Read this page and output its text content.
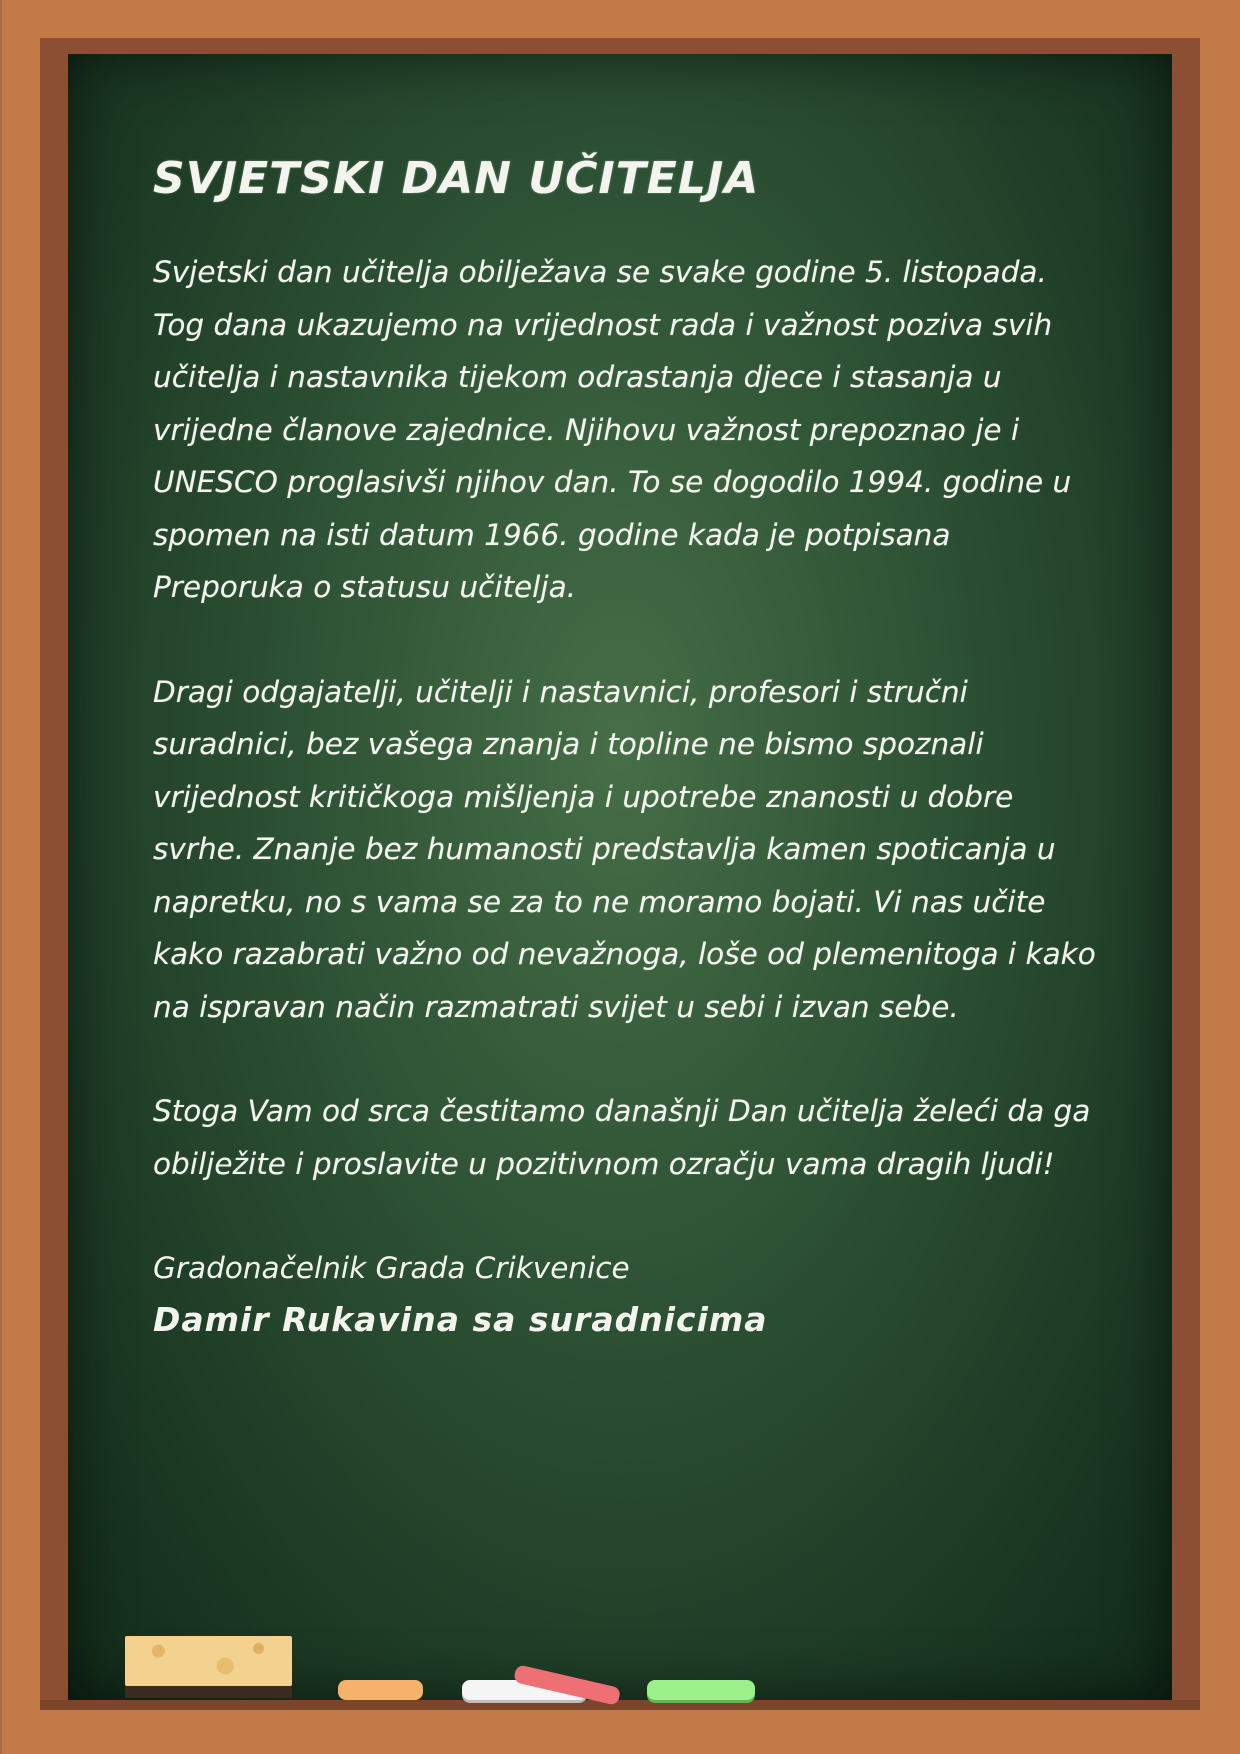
SVJETSKI DAN UČITELJA

Svjetski dan učitelja obilježava se svake godine 5. listopada. Tog dana ukazujemo na vrijednost rada i važnost poziva svih učitelja i nastavnika tijekom odrastanja djece i stasanja u vrijedne članove zajednice. Njihovu važnost prepoznao je i UNESCO proglasivši njihov dan. To se dogodilo 1994. godine u spomen na isti datum 1966. godine kada je potpisana Preporuka o statusu učitelja.

Dragi odgajatelji, učitelji i nastavnici, profesori i stručni suradnici, bez vašega znanja i topline ne bismo spoznali vrijednost kritičkoga mišljenja i upotrebe znanosti u dobre svrhe. Znanje bez humanosti predstavlja kamen spoticanja u napretku, no s vama se za to ne moramo bojati. Vi nas učite kako razabrati važno od nevažnoga, loše od plemenitoga i kako na ispravan način razmatrati svijet u sebi i izvan sebe.

Stoga Vam od srca čestitamo današnji Dan učitelja želeći da ga obilježite i proslavite u pozitivnom ozračju vama dragih ljudi!

Gradonačelnik Grada Crikvenice

Damir Rukavina sa suradnicima
